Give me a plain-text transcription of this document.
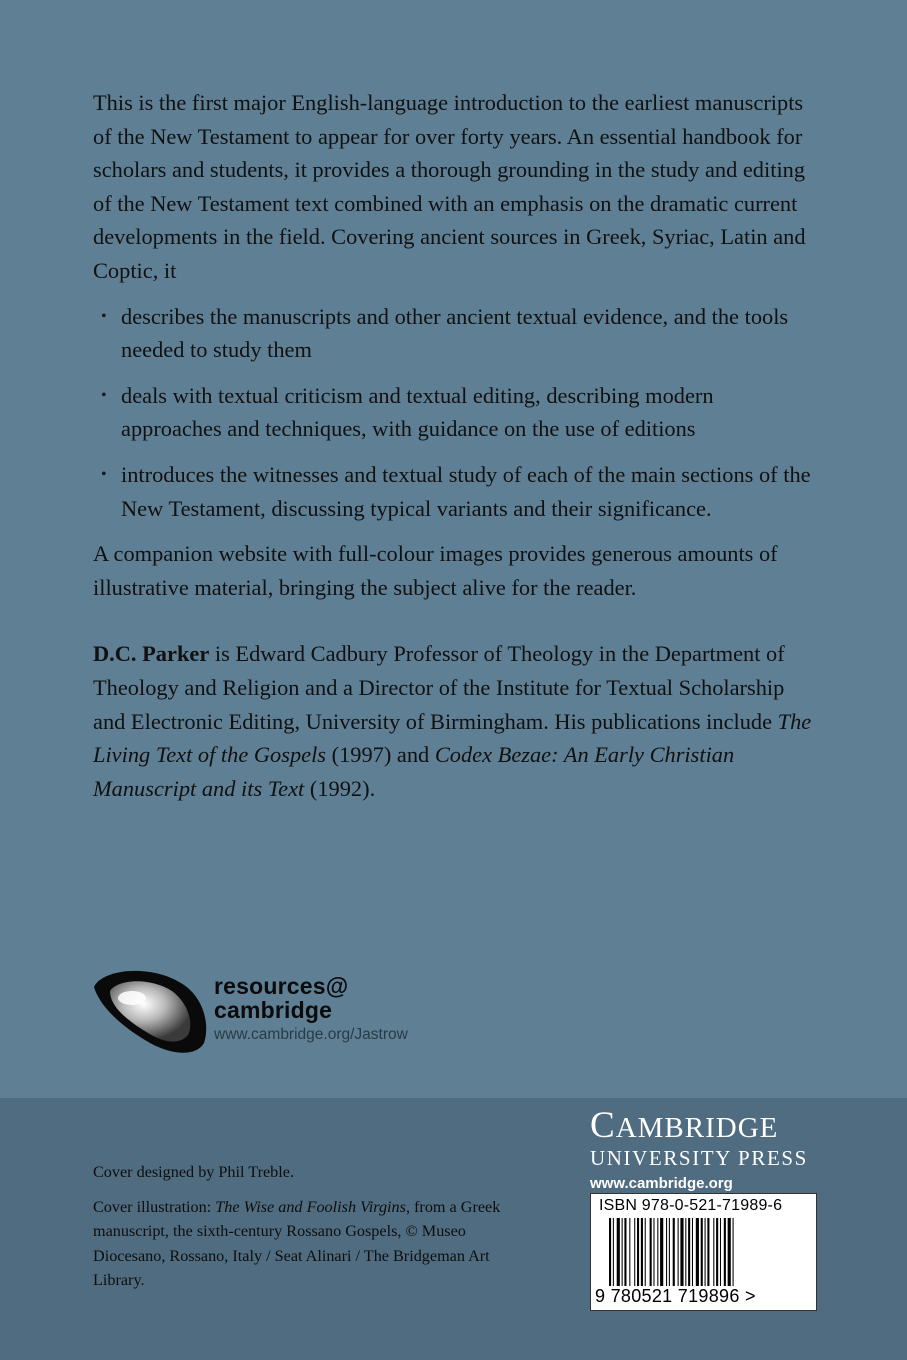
This is the first major English-language introduction to the earliest manuscripts of the New Testament to appear for over forty years. An essential handbook for scholars and students, it provides a thorough grounding in the study and editing of the New Testament text combined with an emphasis on the dramatic current developments in the field. Covering ancient sources in Greek, Syriac, Latin and Coptic, it

• describes the manuscripts and other ancient textual evidence, and the tools needed to study them
• deals with textual criticism and textual editing, describing modern approaches and techniques, with guidance on the use of editions
• introduces the witnesses and textual study of each of the main sections of the New Testament, discussing typical variants and their significance.

A companion website with full-colour images provides generous amounts of illustrative material, bringing the subject alive for the reader.

D.C. Parker is Edward Cadbury Professor of Theology in the Department of Theology and Religion and a Director of the Institute for Textual Scholarship and Electronic Editing, University of Birmingham. His publications include The Living Text of the Gospels (1997) and Codex Bezae: An Early Christian Manuscript and its Text (1992).

resources@
cambridge
www.cambridge.org/Jastrow

Cover designed by Phil Treble.

Cover illustration: The Wise and Foolish Virgins, from a Greek manuscript, the sixth-century Rossano Gospels, © Museo Diocesano, Rossano, Italy / Seat Alinari / The Bridgeman Art Library.

CAMBRIDGE
UNIVERSITY PRESS
www.cambridge.org
ISBN 978-0-521-71989-6
9 780521 719896 >
